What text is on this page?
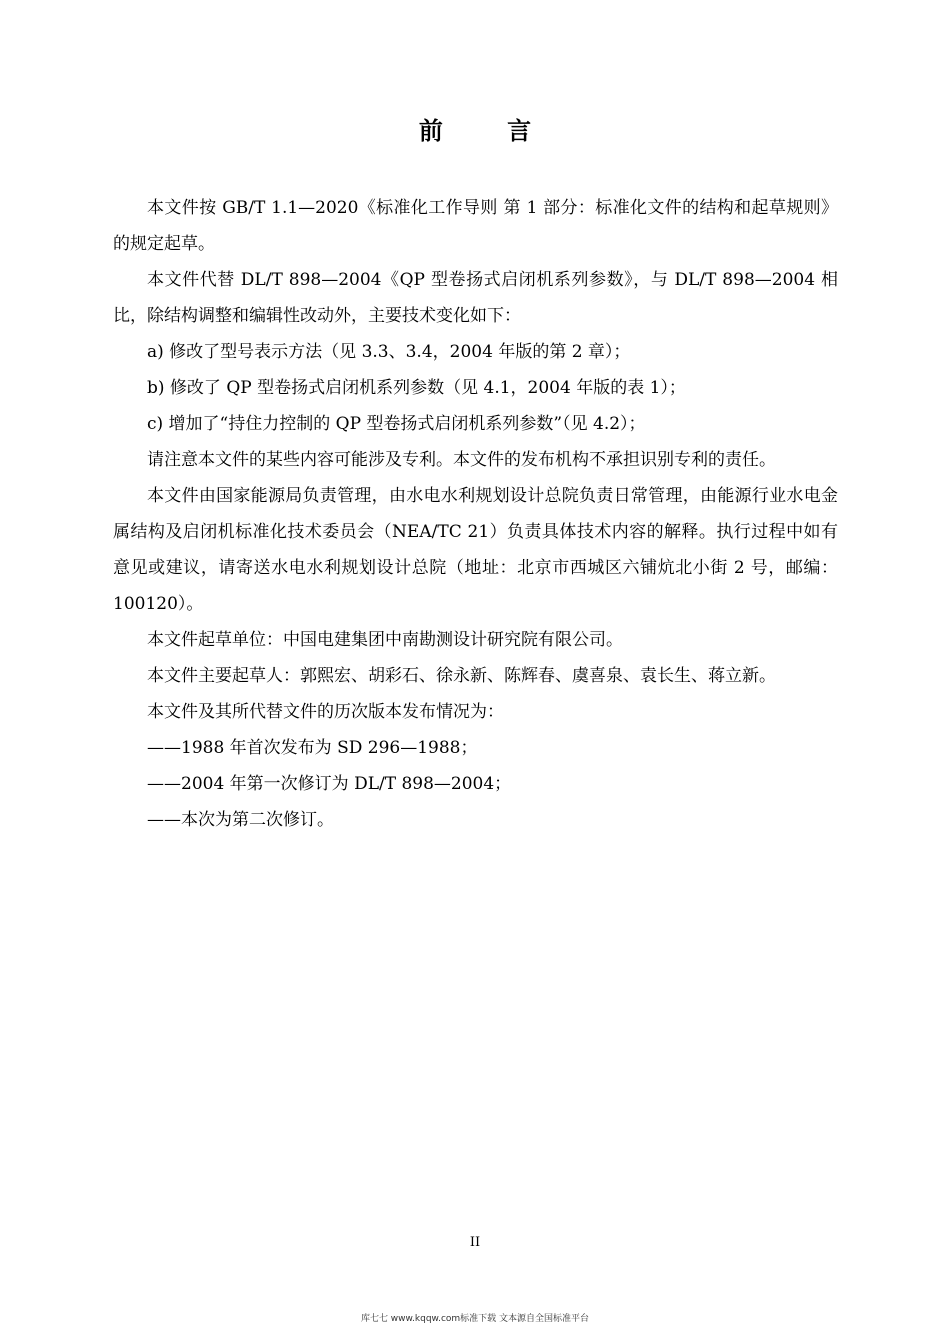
前 言

本文件按 GB/T 1.1—2020《标准化工作导则 第 1 部分：标准化文件的结构和起草规则》的规定起草。

本文件代替 DL/T 898—2004《QP 型卷扬式启闭机系列参数》，与 DL/T 898—2004 相比，除结构调整和编辑性改动外，主要技术变化如下：

a) 修改了型号表示方法（见 3.3、3.4，2004 年版的第 2 章）；

b) 修改了 QP 型卷扬式启闭机系列参数（见 4.1，2004 年版的表 1）；

c) 增加了“持住力控制的 QP 型卷扬式启闭机系列参数”（见 4.2）；

请注意本文件的某些内容可能涉及专利。本文件的发布机构不承担识别专利的责任。

本文件由国家能源局负责管理，由水电水利规划设计总院负责日常管理，由能源行业水电金属结构及启闭机标准化技术委员会（NEA/TC 21）负责具体技术内容的解释。执行过程中如有意见或建议，请寄送水电水利规划设计总院（地址：北京市西城区六铺炕北小街 2 号，邮编：100120）。

本文件起草单位：中国电建集团中南勘测设计研究院有限公司。

本文件主要起草人：郭熙宏、胡彩石、徐永新、陈辉春、虞喜泉、袁长生、蒋立新。

本文件及其所代替文件的历次版本发布情况为：

——1988 年首次发布为 SD 296—1988；

——2004 年第一次修订为 DL/T 898—2004；

——本次为第二次修订。

II
库七七 www.kqqw.com标准下载 文本源自全国标准平台
